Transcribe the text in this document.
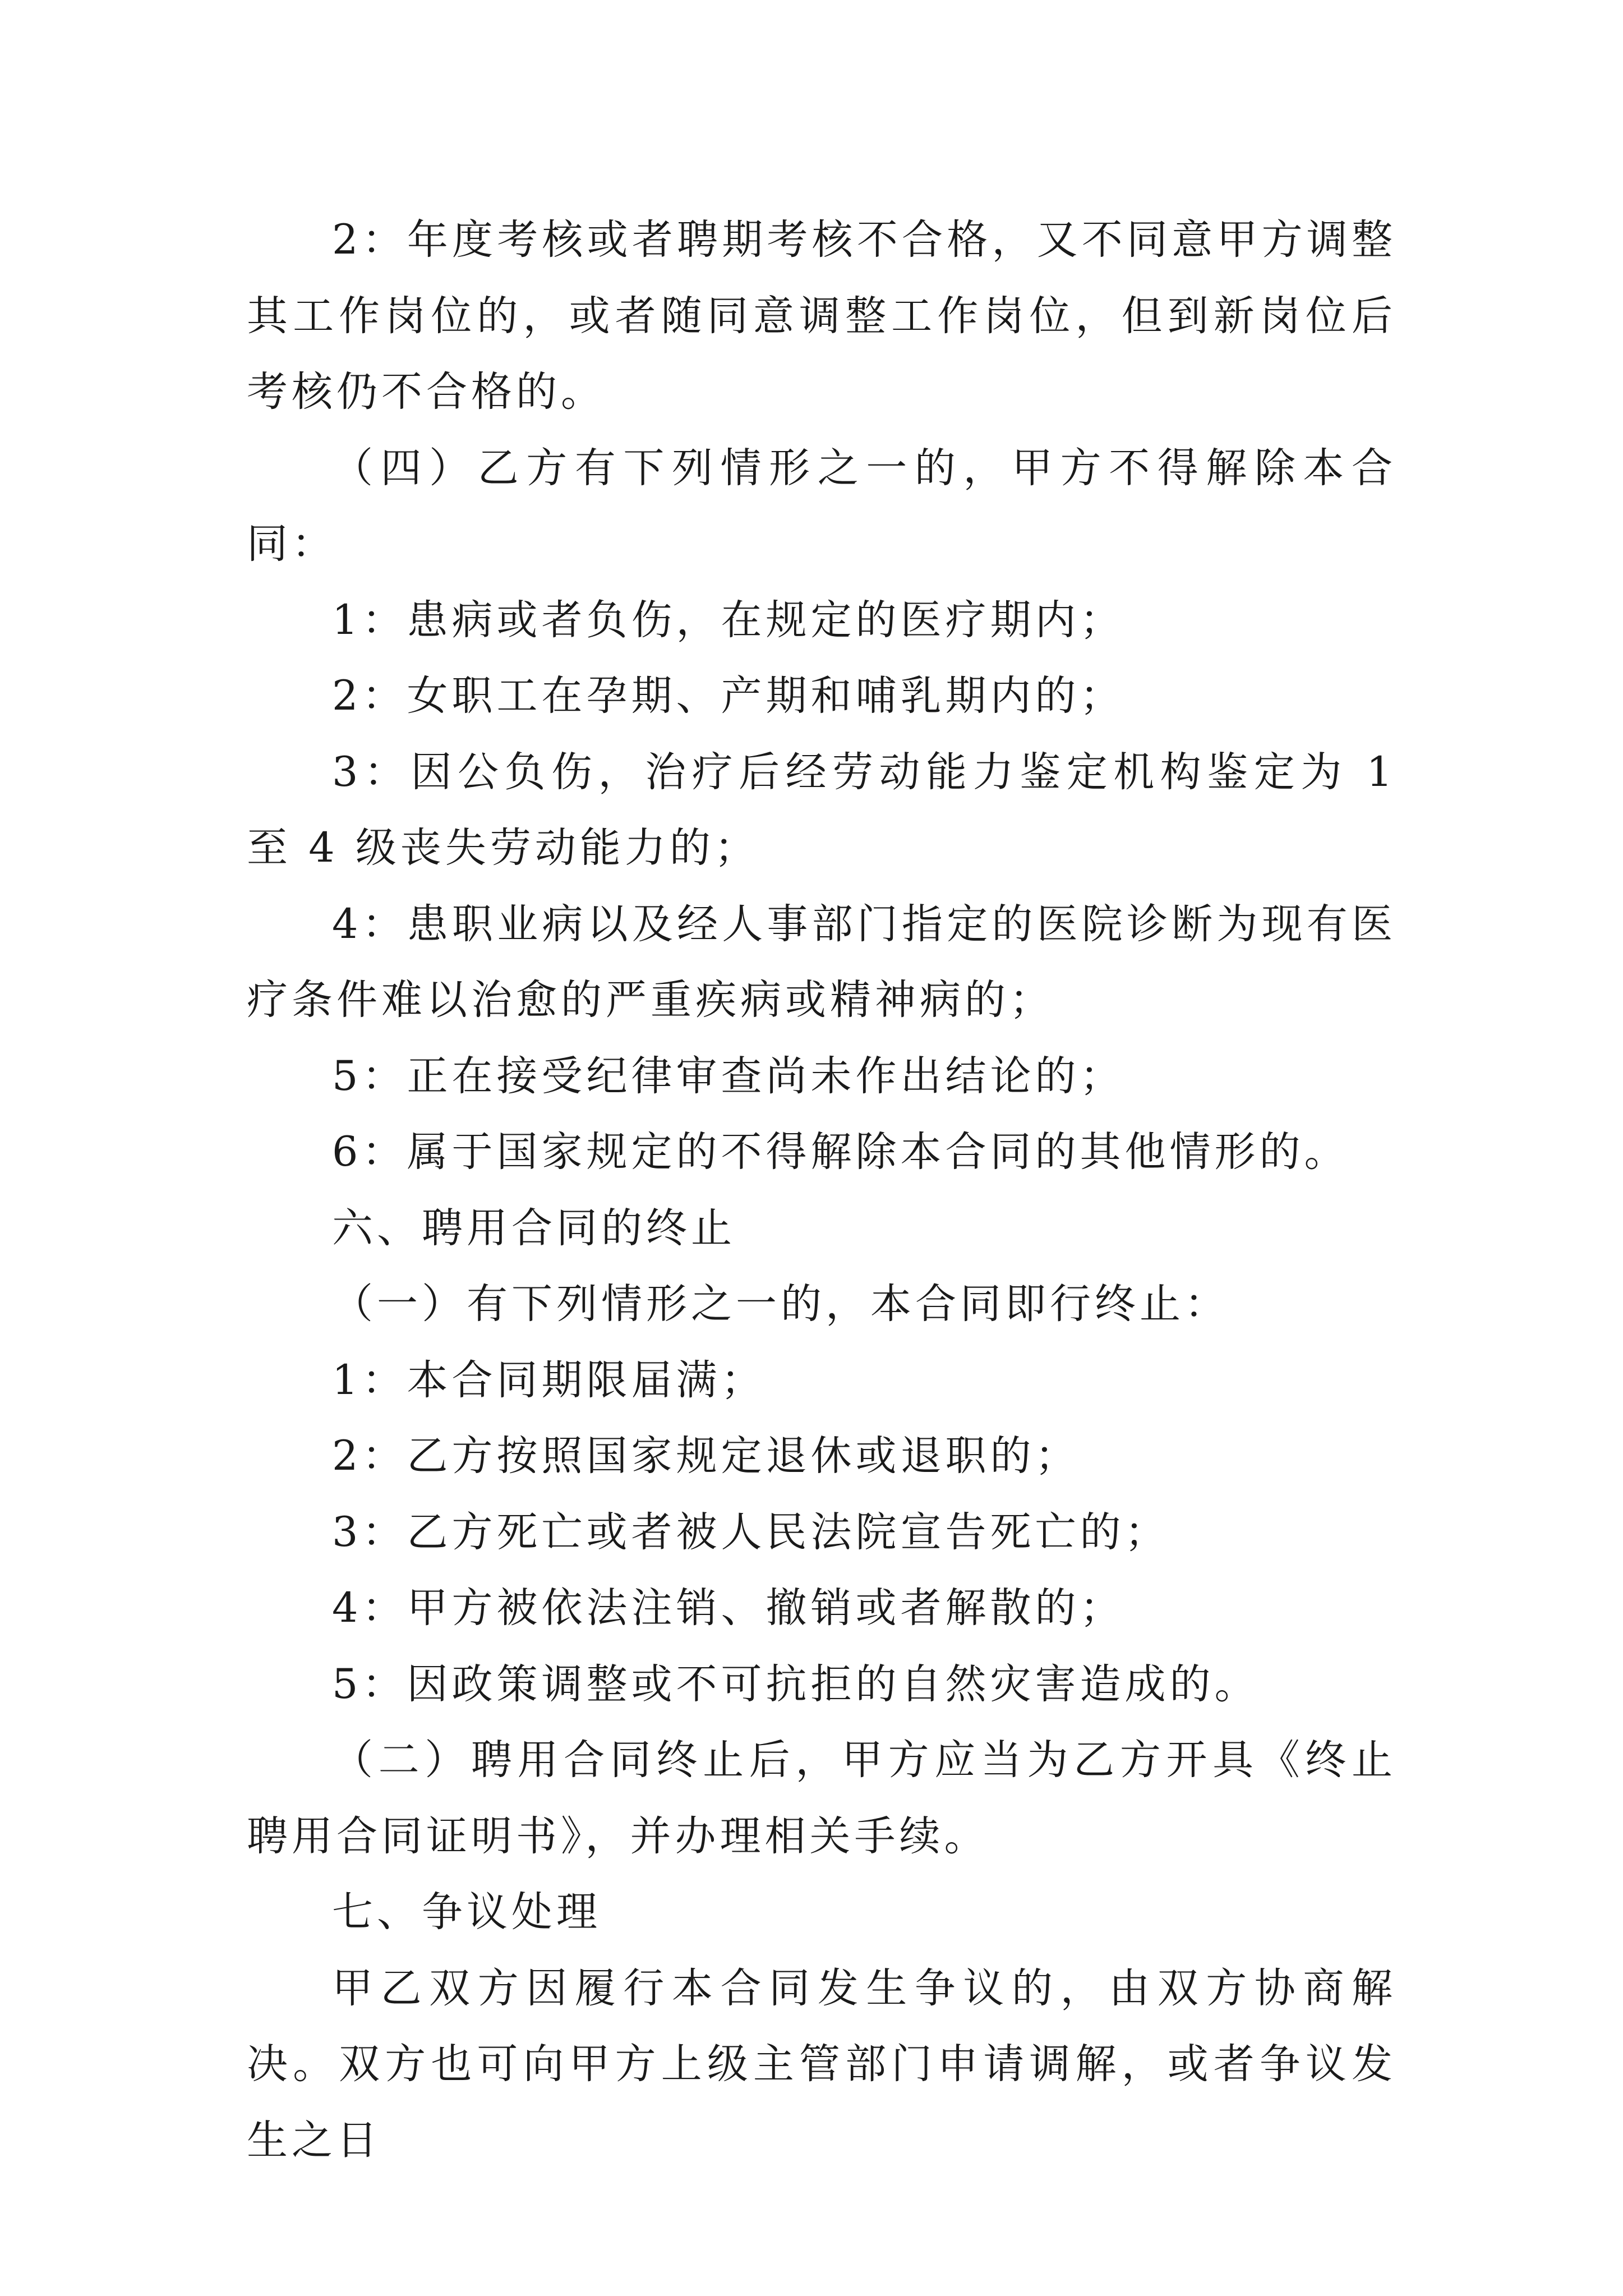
2：年度考核或者聘期考核不合格，又不同意甲方调整其工作岗位的，或者随同意调整工作岗位，但到新岗位后考核仍不合格的。

（四）乙方有下列情形之一的，甲方不得解除本合同：

1：患病或者负伤，在规定的医疗期内；

2：女职工在孕期、产期和哺乳期内的；

3：因公负伤，治疗后经劳动能力鉴定机构鉴定为 1 至 4 级丧失劳动能力的；

4：患职业病以及经人事部门指定的医院诊断为现有医疗条件难以治愈的严重疾病或精神病的；

5：正在接受纪律审查尚未作出结论的；

6：属于国家规定的不得解除本合同的其他情形的。

六、聘用合同的终止

（一）有下列情形之一的，本合同即行终止：

1：本合同期限届满；

2：乙方按照国家规定退休或退职的；

3：乙方死亡或者被人民法院宣告死亡的；

4：甲方被依法注销、撤销或者解散的；

5：因政策调整或不可抗拒的自然灾害造成的。

（二）聘用合同终止后，甲方应当为乙方开具《终止聘用合同证明书》，并办理相关手续。

七、争议处理

甲乙双方因履行本合同发生争议的，由双方协商解决。双方也可向甲方上级主管部门申请调解，或者争议发生之日
